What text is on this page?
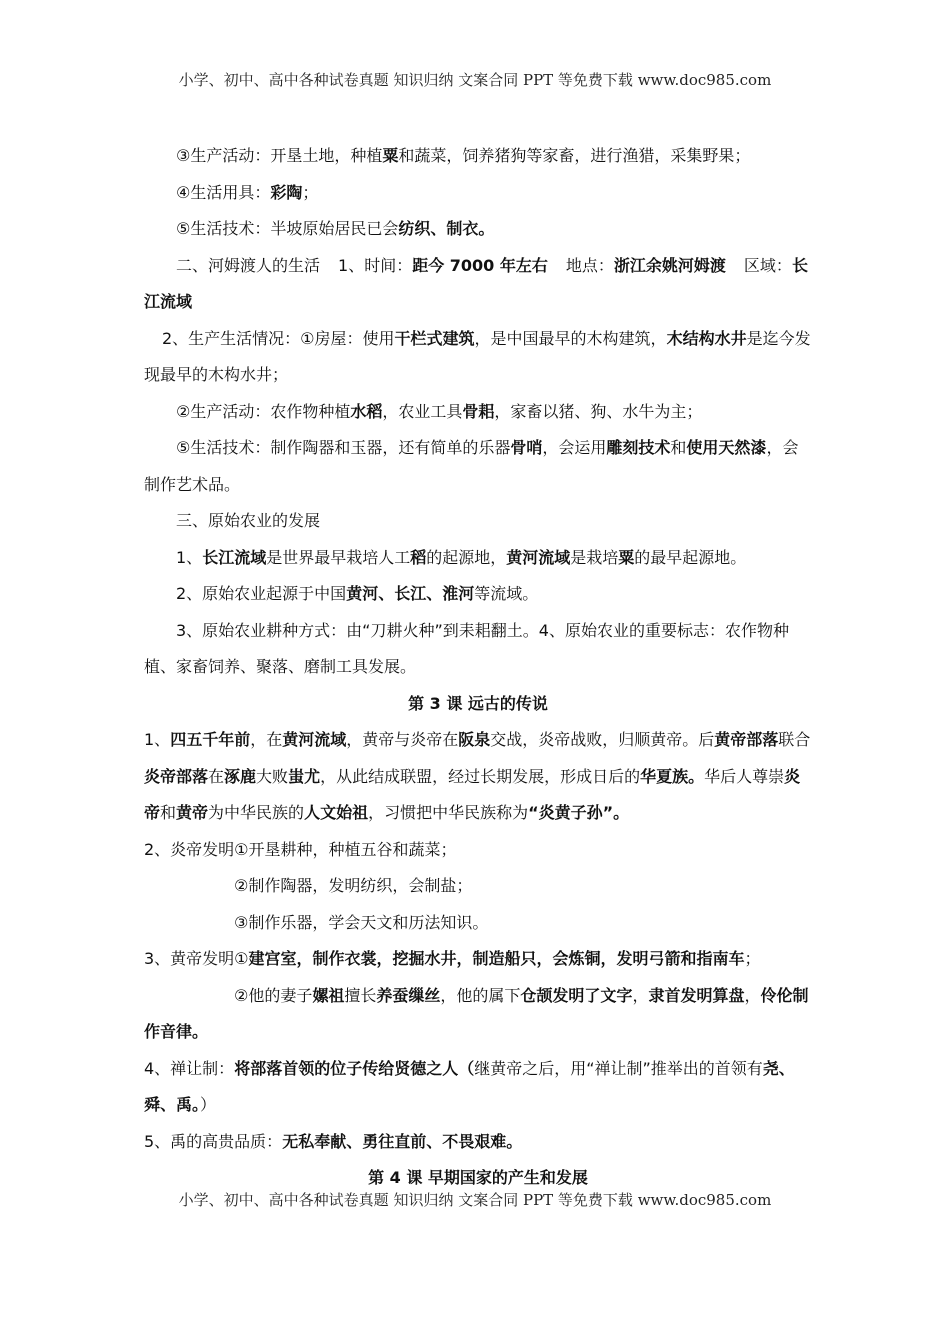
小学、初中、高中各种试卷真题 知识归纳 文案合同 PPT 等免费下载 www.doc985.com

③生产活动：开垦土地，种植粟和蔬菜，饲养猪狗等家畜，进行渔猎，采集野果；

④生活用具：彩陶；

⑤生活技术：半坡原始居民已会纺织、制衣。

二、河姆渡人的生活 1、时间：距今 7000 年左右 地点：浙江余姚河姆渡 区域：长江流域

2、生产生活情况：①房屋：使用干栏式建筑，是中国最早的木构建筑，木结构水井是迄今发现最早的木构水井；

②生产活动：农作物种植水稻，农业工具骨耜，家畜以猪、狗、水牛为主；

⑤生活技术：制作陶器和玉器，还有简单的乐器骨哨，会运用雕刻技术和使用天然漆，会制作艺术品。

三、原始农业的发展

1、长江流域是世界最早栽培人工稻的起源地，黄河流域是栽培粟的最早起源地。

2、原始农业起源于中国黄河、长江、淮河等流域。

3、原始农业耕种方式：由“刀耕火种”到耒耜翻土。4、原始农业的重要标志：农作物种植、家畜饲养、聚落、磨制工具发展。

第 3 课 远古的传说

1、四五千年前，在黄河流域，黄帝与炎帝在阪泉交战，炎帝战败，归顺黄帝。后黄帝部落联合炎帝部落在涿鹿大败蚩尤，从此结成联盟，经过长期发展，形成日后的华夏族。华后人尊崇炎帝和黄帝为中华民族的人文始祖，习惯把中华民族称为“炎黄子孙”。

2、炎帝发明①开垦耕种，种植五谷和蔬菜；

②制作陶器，发明纺织，会制盐；

③制作乐器，学会天文和历法知识。

3、黄帝发明①建宫室，制作衣裳，挖掘水井，制造船只，会炼铜，发明弓箭和指南车；

②他的妻子嫘祖擅长养蚕缫丝，他的属下仓颉发明了文字，隶首发明算盘，伶伦制作音律。

4、禅让制：将部落首领的位子传给贤德之人（继黄帝之后，用“禅让制”推举出的首领有尧、舜、禹。）

5、禹的高贵品质：无私奉献、勇往直前、不畏艰难。

第 4 课 早期国家的产生和发展

小学、初中、高中各种试卷真题 知识归纳 文案合同 PPT 等免费下载 www.doc985.com
